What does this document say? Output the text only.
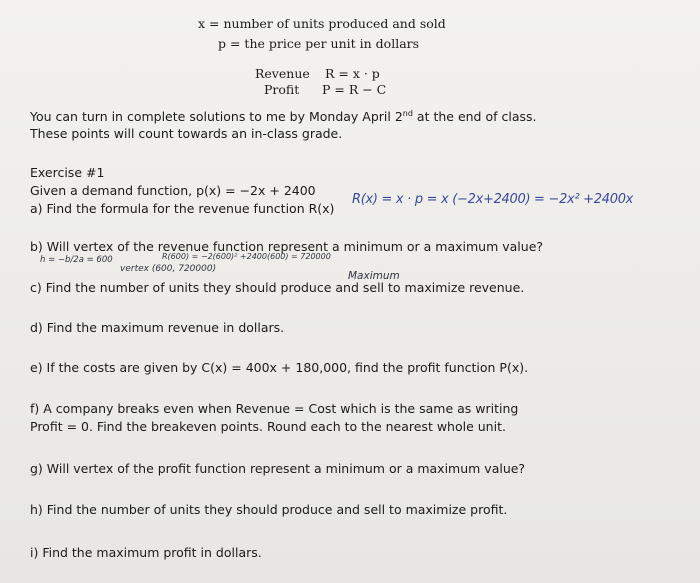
x = number of units produced and sold
p = the price per unit in dollars
Revenue R = x · p
Profit P = R − C
You can turn in complete solutions to me by Monday April 2nd at the end of class.
These points will count towards an in-class grade.
Exercise #1
Given a demand function, p(x) = −2x + 2400
a) Find the formula for the revenue function R(x)
R(x) = x · p = x (−2x+2400) = −2x² +2400x
b) Will vertex of the revenue function represent a minimum or a maximum value?
h = −b/2a = 600	R(600) = −2(600)² +2400(600) = 720000
vertex (600, 720000)
Maximum
c) Find the number of units they should produce and sell to maximize revenue.
d) Find the maximum revenue in dollars.
e) If the costs are given by C(x) = 400x + 180,000, find the profit function P(x).
f) A company breaks even when Revenue = Cost which is the same as writing
Profit = 0. Find the breakeven points. Round each to the nearest whole unit.
g) Will vertex of the profit function represent a minimum or a maximum value?
h) Find the number of units they should produce and sell to maximize profit.
i) Find the maximum profit in dollars.
